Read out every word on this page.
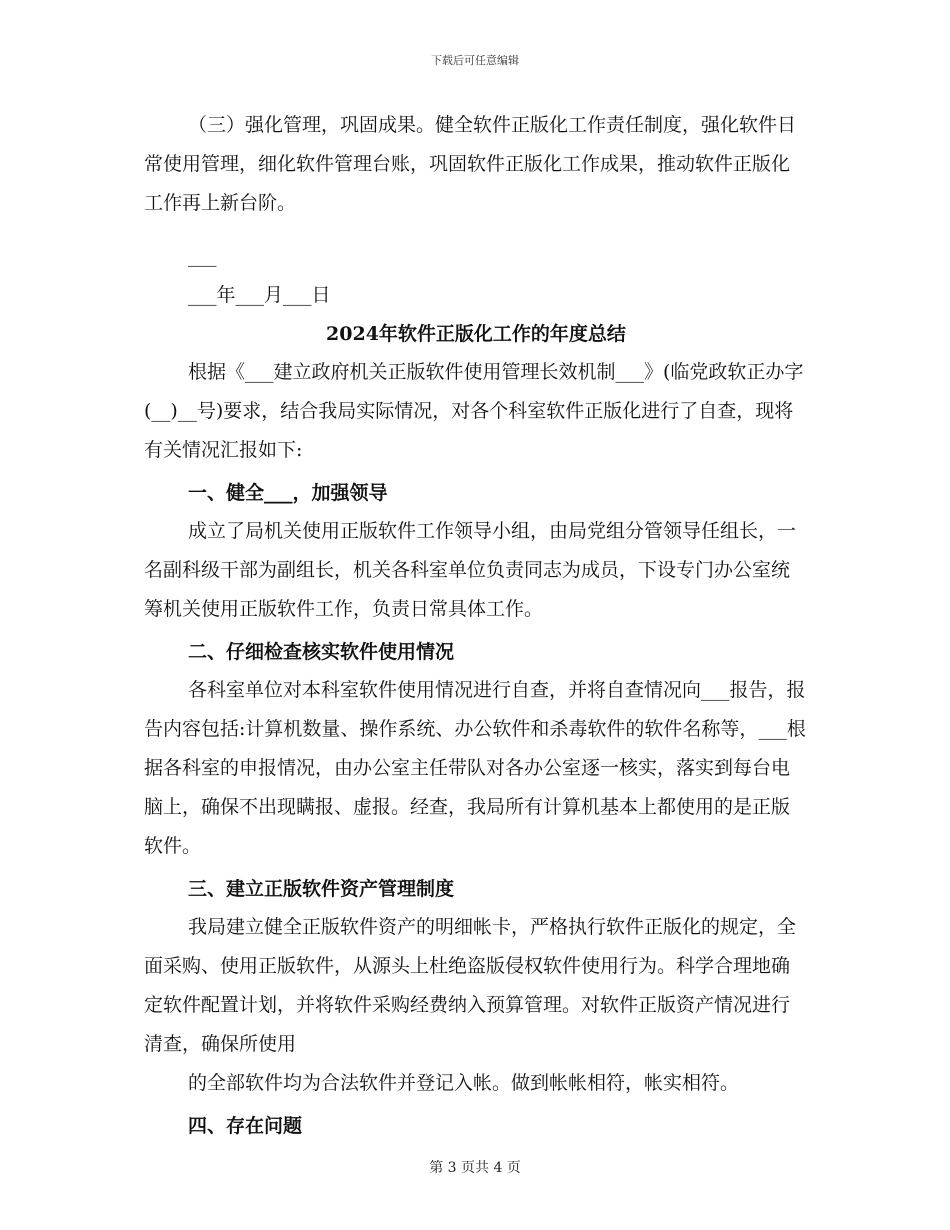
下载后可任意编辑

（三）强化管理，巩固成果。健全软件正版化工作责任制度，强化软件日常使用管理，细化软件管理台账，巩固软件正版化工作成果，推动软件正版化工作再上新台阶。

___

___年___月___日

2024年软件正版化工作的年度总结

根据《___建立政府机关正版软件使用管理长效机制___》(临党政软正办字(__)__号)要求，结合我局实际情况，对各个科室软件正版化进行了自查，现将有关情况汇报如下:

一、健全___，加强领导

成立了局机关使用正版软件工作领导小组，由局党组分管领导任组长，一名副科级干部为副组长，机关各科室单位负责同志为成员，下设专门办公室统筹机关使用正版软件工作，负责日常具体工作。

二、仔细检查核实软件使用情况

各科室单位对本科室软件使用情况进行自查，并将自查情况向___报告，报告内容包括:计算机数量、操作系统、办公软件和杀毒软件的软件名称等，___根据各科室的申报情况，由办公室主任带队对各办公室逐一核实，落实到每台电脑上，确保不出现瞒报、虚报。经查，我局所有计算机基本上都使用的是正版软件。

三、建立正版软件资产管理制度

我局建立健全正版软件资产的明细帐卡，严格执行软件正版化的规定，全面采购、使用正版软件，从源头上杜绝盗版侵权软件使用行为。科学合理地确定软件配置计划，并将软件采购经费纳入预算管理。对软件正版资产情况进行清查，确保所使用

的全部软件均为合法软件并登记入帐。做到帐帐相符，帐实相符。

四、存在问题

第 3 页共 4 页
